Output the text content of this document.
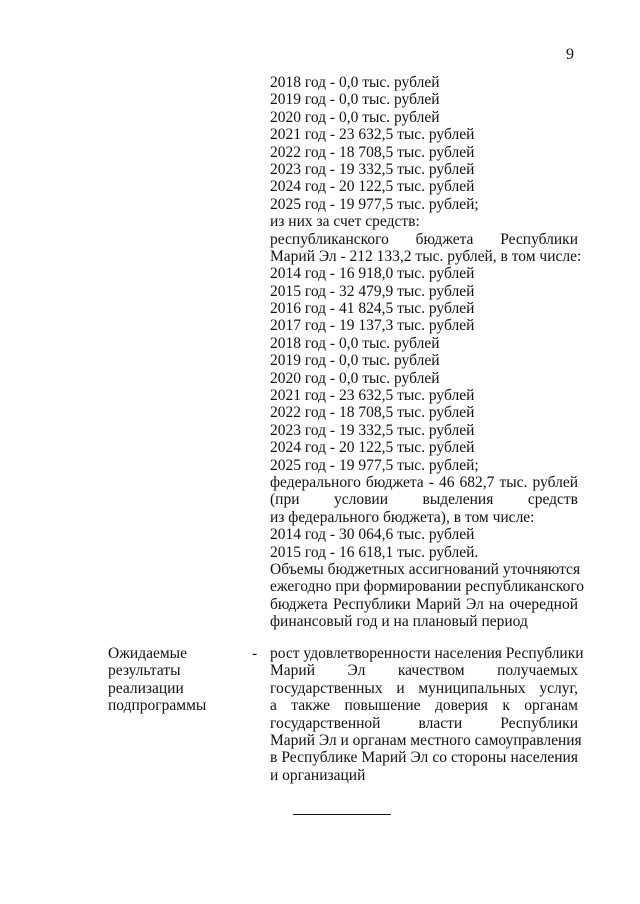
9
2018 год - 0,0 тыс. рублей
2019 год - 0,0 тыс. рублей
2020 год - 0,0 тыс. рублей
2021 год - 23 632,5 тыс. рублей
2022 год - 18 708,5 тыс. рублей
2023 год - 19 332,5 тыс. рублей
2024 год - 20 122,5 тыс. рублей
2025 год - 19 977,5 тыс. рублей;
из них за счет средств:
республиканского бюджета Республики
Марий Эл - 212 133,2 тыс. рублей, в том числе:
2014 год - 16 918,0 тыс. рублей
2015 год - 32 479,9 тыс. рублей
2016 год - 41 824,5 тыс. рублей
2017 год - 19 137,3 тыс. рублей
2018 год - 0,0 тыс. рублей
2019 год - 0,0 тыс. рублей
2020 год - 0,0 тыс. рублей
2021 год - 23 632,5 тыс. рублей
2022 год - 18 708,5 тыс. рублей
2023 год - 19 332,5 тыс. рублей
2024 год - 20 122,5 тыс. рублей
2025 год - 19 977,5 тыс. рублей;
федерального бюджета - 46 682,7 тыс. рублей
(при условии выделения средств
из федерального бюджета), в том числе:
2014 год - 30 064,6 тыс. рублей
2015 год - 16 618,1 тыс. рублей.
Объемы бюджетных ассигнований уточняются
ежегодно при формировании республиканского
бюджета Республики Марий Эл на очередной
финансовый год и на плановый период
Ожидаемые
результаты
реализации
подпрограммы
- рост удовлетворенности населения Республики
Марий Эл качеством получаемых
государственных и муниципальных услуг,
а также повышение доверия к органам
государственной власти Республики
Марий Эл и органам местного самоуправления
в Республике Марий Эл со стороны населения
и организаций
